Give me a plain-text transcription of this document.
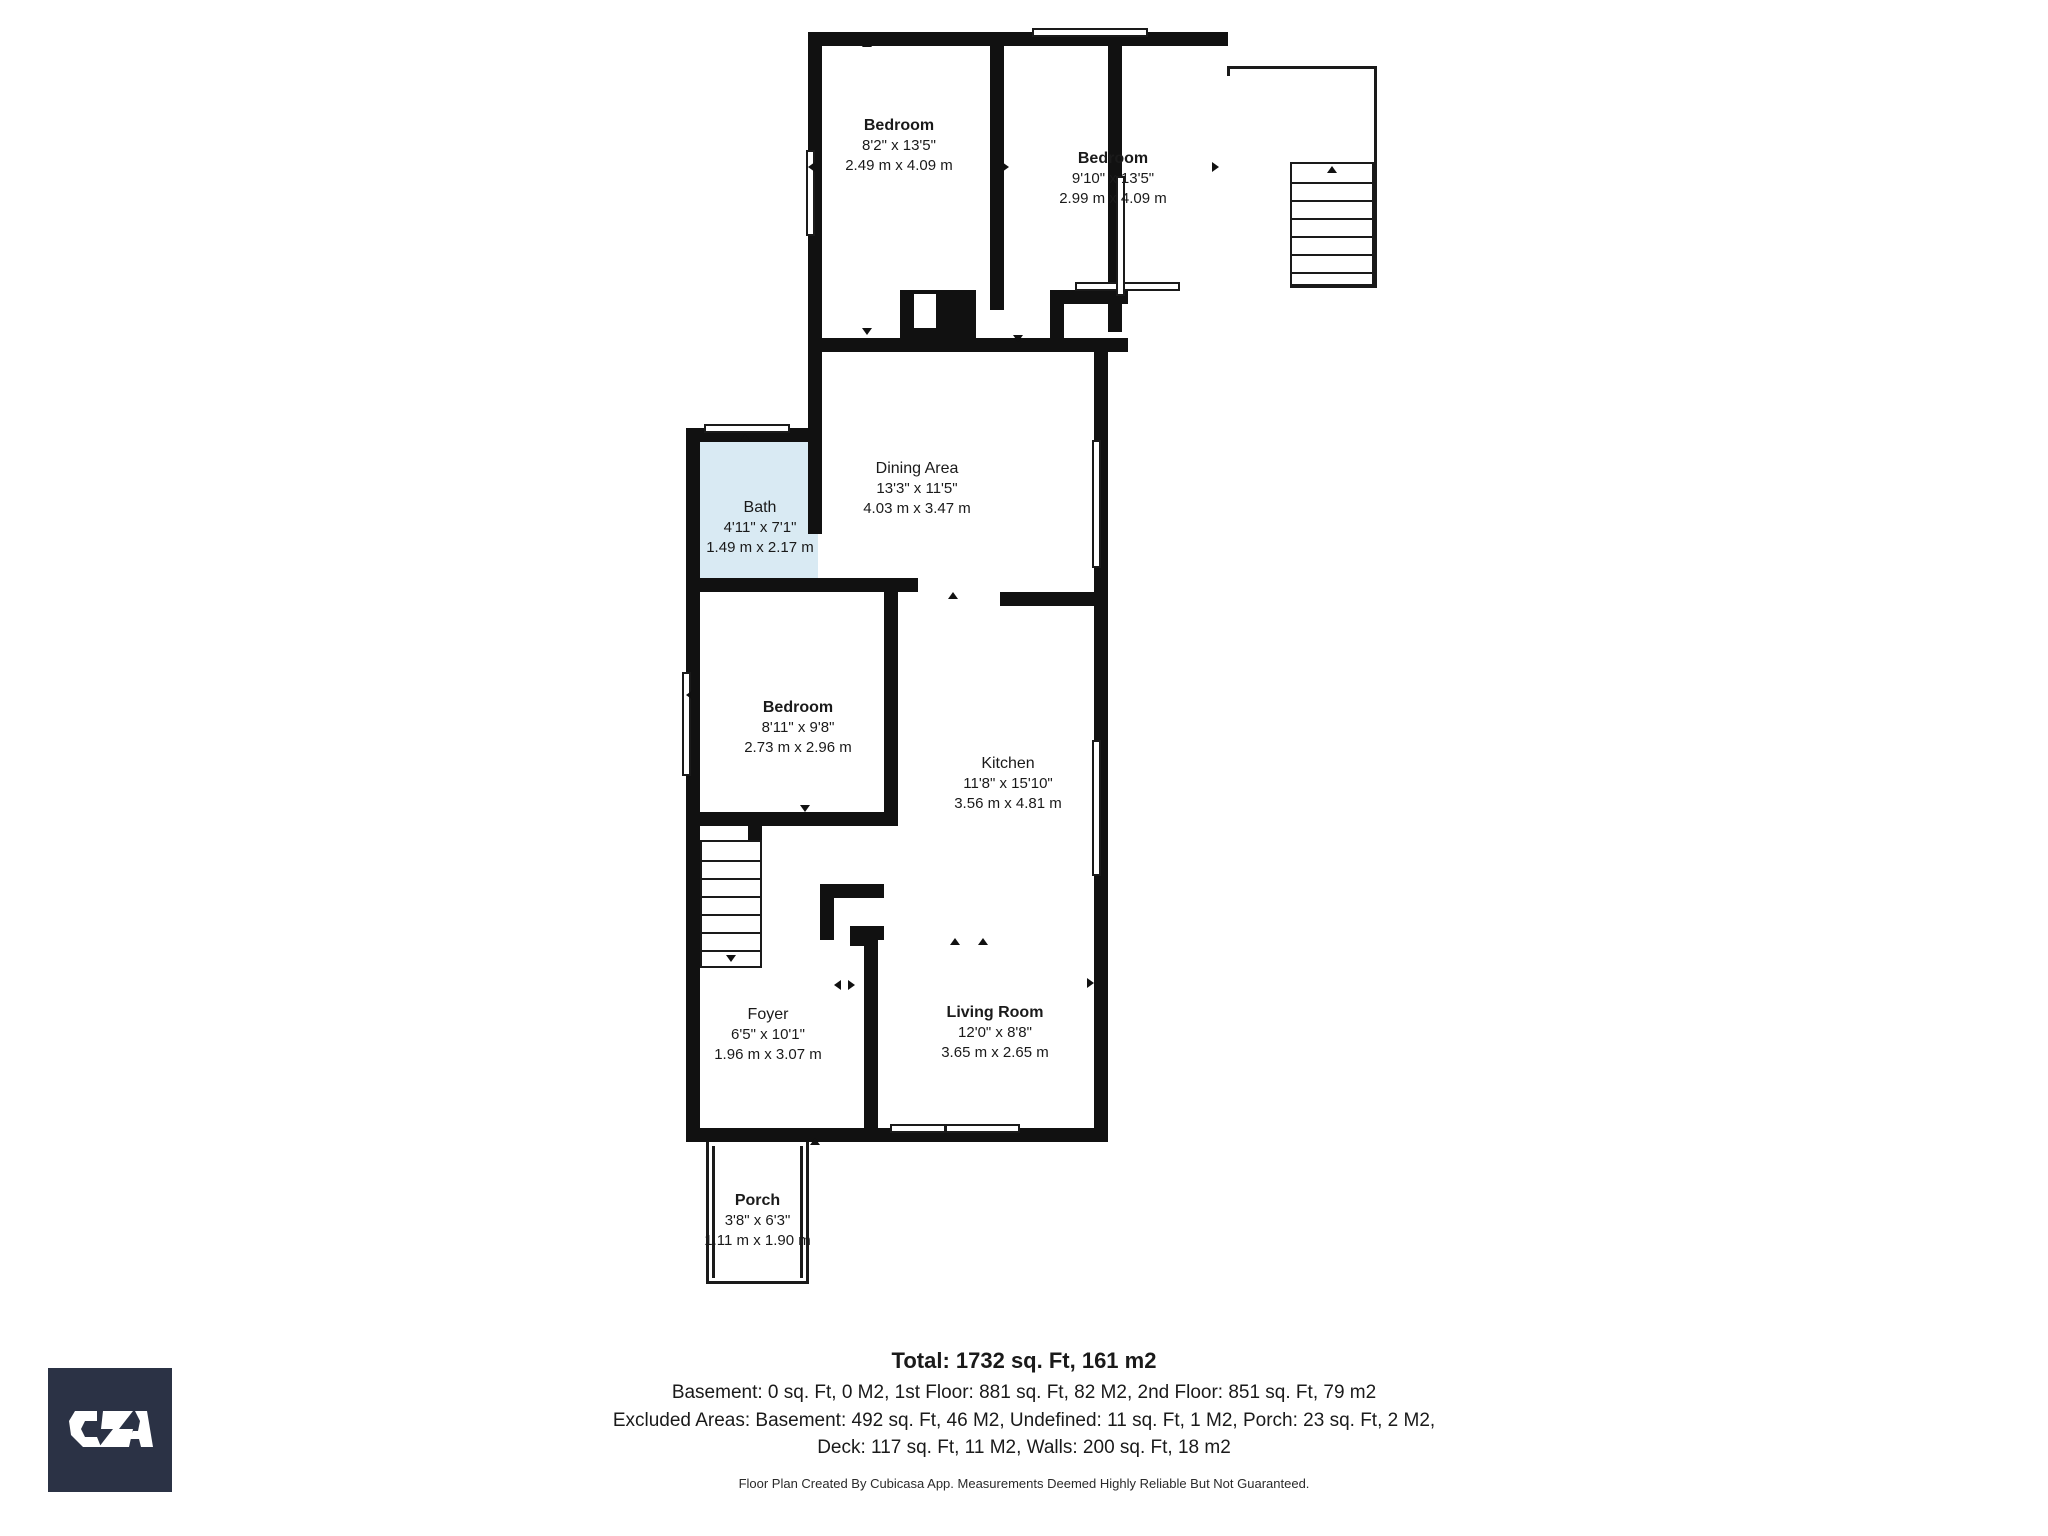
Bedroom
8'2" x 13'5"
2.49 m x 4.09 m	Bedroom
9'10" x 13'5"
2.99 m x 4.09 m
Dining Area
13'3" x 11'5"
4.03 m x 3.47 m
Bath
4'11" x 7'1"
1.49 m x 2.17 m
Bedroom
8'11" x 9'8"
2.73 m x 2.96 m
Kitchen
11'8" x 15'10"
3.56 m x 4.81 m
Foyer
6'5" x 10'1"
1.96 m x 3.07 m
Living Room
12'0" x 8'8"
3.65 m x 2.65 m
Porch
3'8" x 6'3"
1.11 m x 1.90 m
Total: 1732 sq. Ft, 161 m2
Basement: 0 sq. Ft, 0 M2, 1st Floor: 881 sq. Ft, 82 M2, 2nd Floor: 851 sq. Ft, 79 m2
Excluded Areas: Basement: 492 sq. Ft, 46 M2, Undefined: 11 sq. Ft, 1 M2, Porch: 23 sq. Ft, 2 M2,
Deck: 117 sq. Ft, 11 M2, Walls: 200 sq. Ft, 18 m2
Floor Plan Created By Cubicasa App. Measurements Deemed Highly Reliable But Not Guaranteed.
